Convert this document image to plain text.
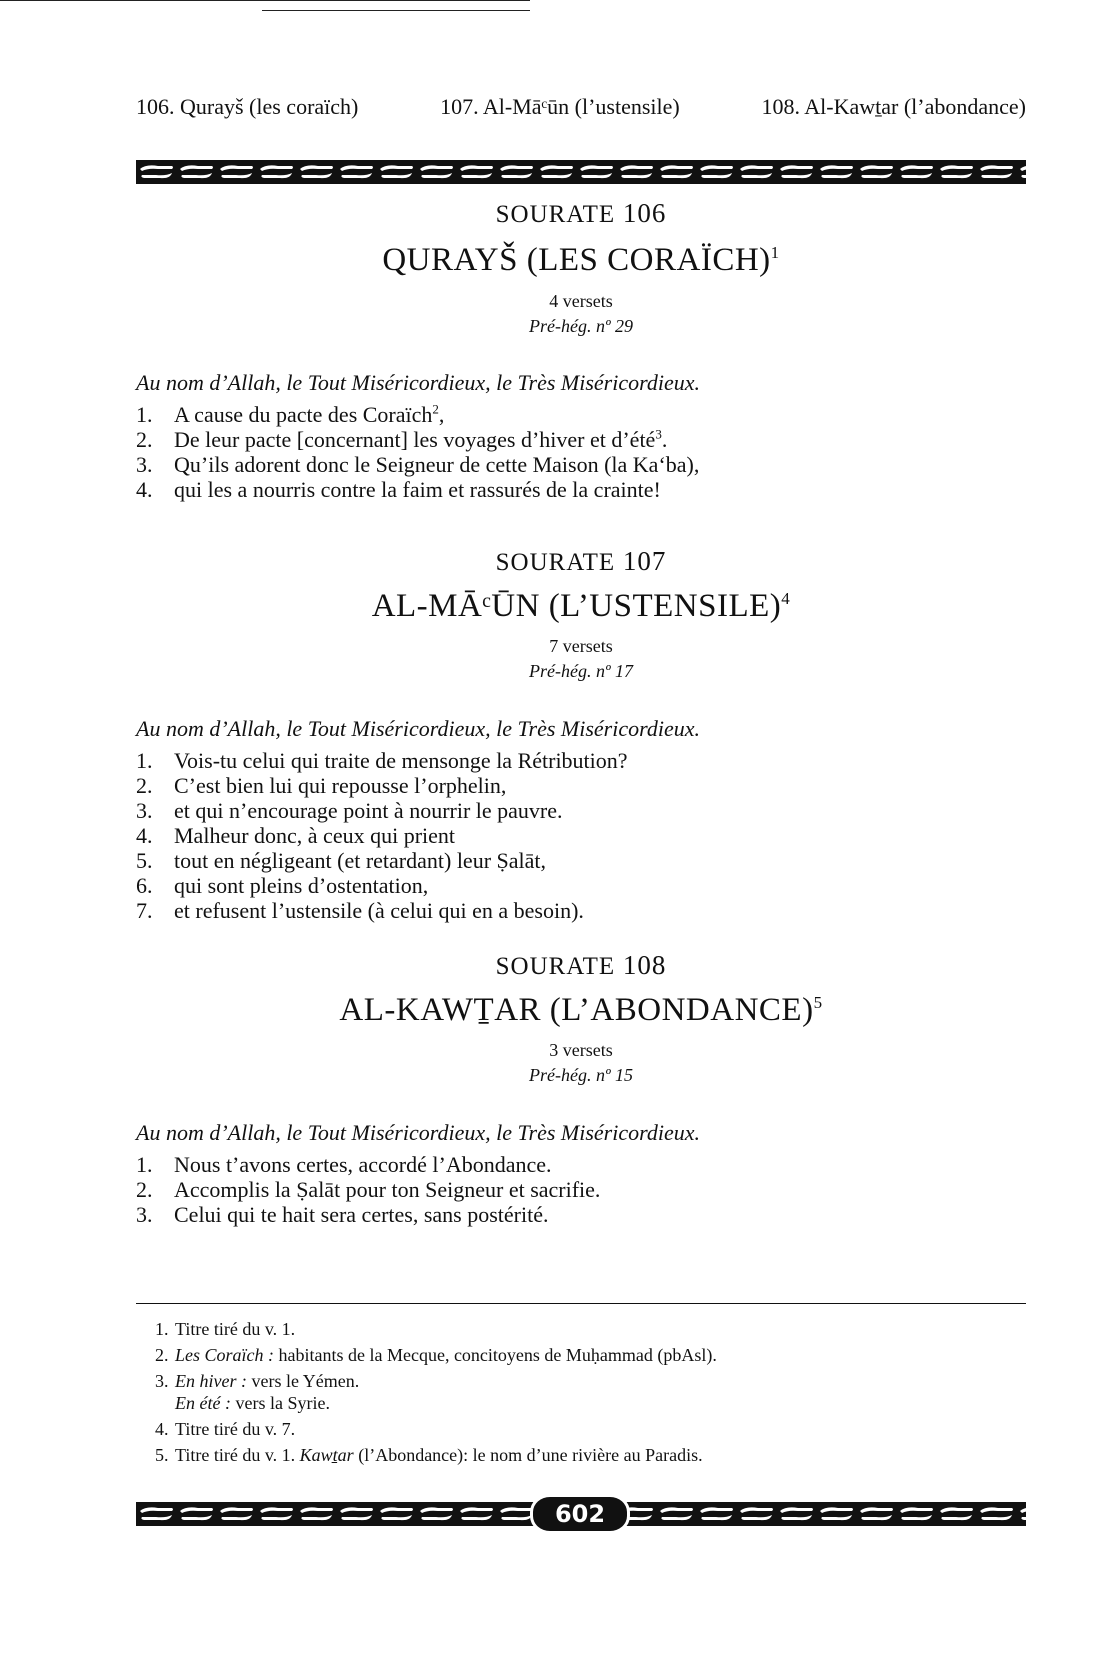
106. Qurayš (les coraïch)	107. Al-Māᶜūn (l’ustensile)	108. Al-Kawṯar (l’abondance)
SOURATE 106
QURAYŠ (LES CORAÏCH)$^1$
4 versets
Pré-hég. nº 29
Au nom d’Allah, le Tout Miséricordieux, le Très Miséricordieux.
1. A cause du pacte des Coraïch$^2$,
2. De leur pacte [concernant] les voyages d’hiver et d’été$^3$.
3. Qu’ils adorent donc le Seigneur de cette Maison (la Ka‘ba),
4. qui les a nourris contre la faim et rassurés de la crainte!
SOURATE 107
AL-MĀᶜŪN (L’USTENSILE)$^4$
7 versets
Pré-hég. nº 17
Au nom d’Allah, le Tout Miséricordieux, le Très Miséricordieux.
1. Vois-tu celui qui traite de mensonge la Rétribution?
2. C’est bien lui qui repousse l’orphelin,
3. et qui n’encourage point à nourrir le pauvre.
4. Malheur donc, à ceux qui prient
5. tout en négligeant (et retardant) leur Ṣalāt,
6. qui sont pleins d’ostentation,
7. et refusent l’ustensile (à celui qui en a besoin).
SOURATE 108
AL-KAWṮAR (L’ABONDANCE)$^5$
3 versets
Pré-hég. nº 15
Au nom d’Allah, le Tout Miséricordieux, le Très Miséricordieux.
1. Nous t’avons certes, accordé l’Abondance.
2. Accomplis la Ṣalāt pour ton Seigneur et sacrifie.
3. Celui qui te hait sera certes, sans postérité.
1. Titre tiré du v. 1.
2. Les Coraïch : habitants de la Mecque, concitoyens de Muḥammad (pbAsl).
3. En hiver : vers le Yémen.
En été : vers la Syrie.
4. Titre tiré du v. 7.
5. Titre tiré du v. 1. Kawṯar (l’Abondance): le nom d’une rivière au Paradis.
602
